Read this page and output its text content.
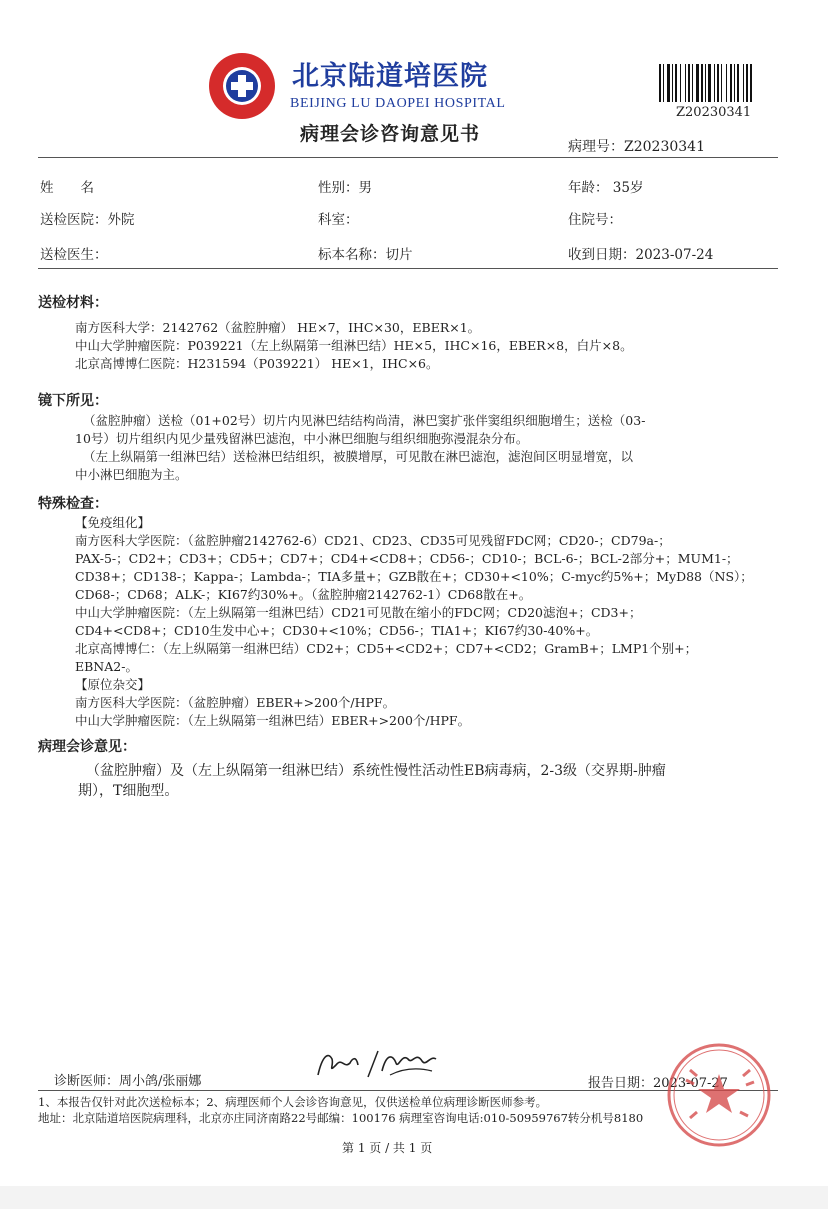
北京陆道培医院
BEIJING LU DAOPEI HOSPITAL
病理会诊咨询意见书
Z20230341
病理号：Z20230341
姓　　名	性别：男	年龄： 35岁
送检医院：外院	科室：	住院号：
送检医生：	标本名称：切片	收到日期：2023-07-24
送检材料：
南方医科大学：2142762（盆腔肿瘤） HE×7，IHC×30，EBER×1。
中山大学肿瘤医院：P039221（左上纵隔第一组淋巴结）HE×5，IHC×16，EBER×8，白片×8。
北京高博博仁医院：H231594（P039221） HE×1，IHC×6。
镜下所见：
（盆腔肿瘤）送检（01+02号）切片内见淋巴结结构尚清，淋巴窦扩张伴窦组织细胞增生；送检（03-
10号）切片组织内见少量残留淋巴滤泡，中小淋巴细胞与组织细胞弥漫混杂分布。
（左上纵隔第一组淋巴结）送检淋巴结组织，被膜增厚，可见散在淋巴滤泡，滤泡间区明显增宽，以
中小淋巴细胞为主。
特殊检查：
【免疫组化】
南方医科大学医院：（盆腔肿瘤2142762-6）CD21、CD23、CD35可见残留FDC网；CD20-；CD79a-；
PAX-5-；CD2+；CD3+；CD5+；CD7+；CD4+<CD8+；CD56-；CD10-；BCL-6-；BCL-2部分+；MUM1-；
CD38+；CD138-；Kappa-；Lambda-；TIA多量+；GZB散在+；CD30+<10%；C-myc约5%+；MyD88（NS）；
CD68-；CD68；ALK-；KI67约30%+。（盆腔肿瘤2142762-1）CD68散在+。
中山大学肿瘤医院：（左上纵隔第一组淋巴结）CD21可见散在缩小的FDC网；CD20滤泡+；CD3+；
CD4+<CD8+；CD10生发中心+；CD30+<10%；CD56-；TIA1+；KI67约30-40%+。
北京高博博仁：（左上纵隔第一组淋巴结）CD2+；CD5+<CD2+；CD7+<CD2；GramB+；LMP1个别+；
EBNA2-。
【原位杂交】
南方医科大学医院：（盆腔肿瘤）EBER+>200个/HPF。
中山大学肿瘤医院：（左上纵隔第一组淋巴结）EBER+>200个/HPF。
病理会诊意见：
（盆腔肿瘤）及（左上纵隔第一组淋巴结）系统性慢性活动性EB病毒病，2-3级（交界期-肿瘤
期），T细胞型。
诊断医师：周小鸽/张丽娜	报告日期：2023-07-27
1、本报告仅针对此次送检标本；2、病理医师个人会诊咨询意见，仅供送检单位病理诊断医师参考。
地址：北京陆道培医院病理科，北京亦庄同济南路22号邮编：100176 病理室咨询电话:010-50959767转分机号8180
第 1 页 / 共 1 页
